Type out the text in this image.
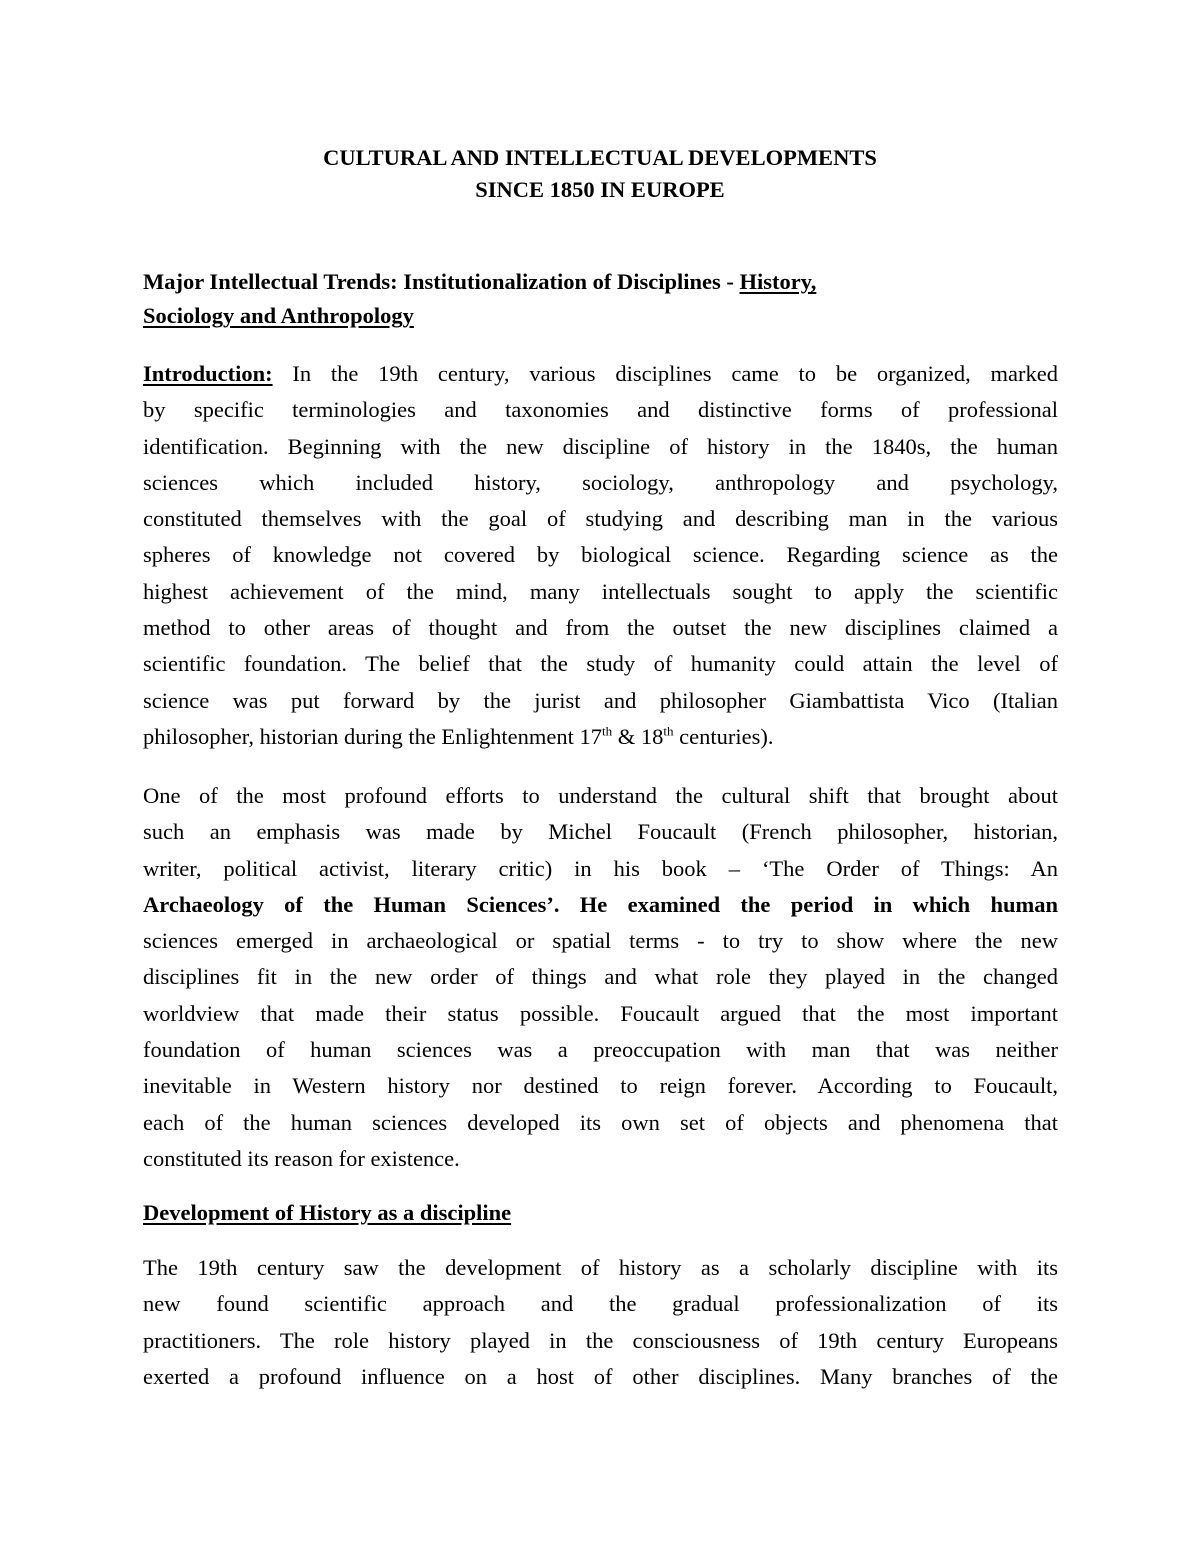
CULTURAL AND INTELLECTUAL DEVELOPMENTS
SINCE 1850 IN EUROPE
Major Intellectual Trends: Institutionalization of Disciplines - History,
Sociology and Anthropology
Introduction: In the 19th century, various disciplines came to be organized, marked
by specific terminologies and taxonomies and distinctive forms of professional
identification. Beginning with the new discipline of history in the 1840s, the human
sciences which included history, sociology, anthropology and psychology,
constituted themselves with the goal of studying and describing man in the various
spheres of knowledge not covered by biological science. Regarding science as the
highest achievement of the mind, many intellectuals sought to apply the scientific
method to other areas of thought and from the outset the new disciplines claimed a
scientific foundation. The belief that the study of humanity could attain the level of
science was put forward by the jurist and philosopher Giambattista Vico (Italian
philosopher, historian during the Enlightenment 17th & 18th centuries).
One of the most profound efforts to understand the cultural shift that brought about
such an emphasis was made by Michel Foucault (French philosopher, historian,
writer, political activist, literary critic) in his book – ‘The Order of Things: An
Archaeology of the Human Sciences’. He examined the period in which human
sciences emerged in archaeological or spatial terms - to try to show where the new
disciplines fit in the new order of things and what role they played in the changed
worldview that made their status possible. Foucault argued that the most important
foundation of human sciences was a preoccupation with man that was neither
inevitable in Western history nor destined to reign forever. According to Foucault,
each of the human sciences developed its own set of objects and phenomena that
constituted its reason for existence.
Development of History as a discipline
The 19th century saw the development of history as a scholarly discipline with its
new found scientific approach and the gradual professionalization of its
practitioners. The role history played in the consciousness of 19th century Europeans
exerted a profound influence on a host of other disciplines. Many branches of the
